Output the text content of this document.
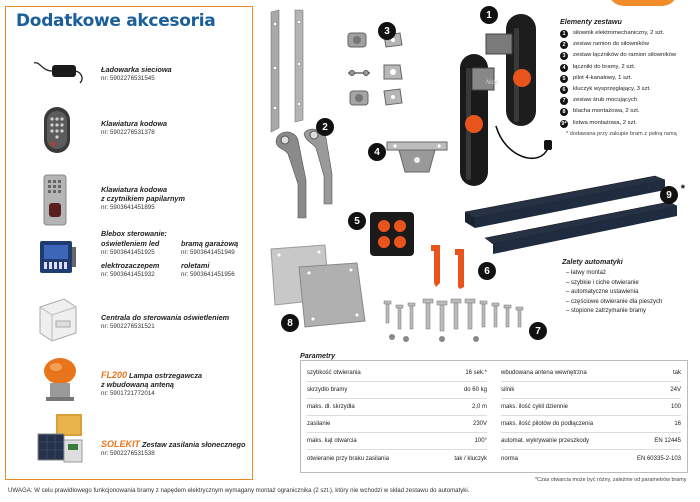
Dodatkowe akcesoria
Ładowarka sieciowa
nr: 5902276531545
Klawiatura kodowa
nr: 5902276531378
Klawiatura kodowa
z czytnikiem papilarnym
nr: 5903641451895
Blebox sterowanie:
oświetleniem led
nr: 5903641451925
bramą garażową
nr: 5903641451949
elektrozaczepem
nr: 5903641451932
roletami
nr: 5903641451956
Centrala do sterowania oświetleniem
nr: 5902276531521
FL200 Lampa ostrzegawcza
z wbudowaną anteną
nr: 5901721772014
SOLEKIT Zestaw zasilania słonecznego
nr: 5902276531538
Nice
1
2
3
4
5
6
7
8
9 *
Elementy zestawu
1	siłownik elektromechaniczny, 2 szt.
2	zestaw ramion do siłowników
3	zestaw łączników do ramion siłowników
4	łączniki do bramy, 2 szt.
5	pilot 4-kanałowy, 1 szt.
6	kluczyk wysprzęglający, 3 szt.
7	zestaw śrub mocujących
8	blacha montażowa, 2 szt.
9* listwa montażowa, 2 szt.
* dodawana przy zakupie bram z pełną ramą
Zalety automatyki
– łatwy montaż
– szybkie i ciche otwieranie
– automatyczne ustawienia
– częściowe otwieranie dla pieszych
– stopione zatrzymanie bramy
Parametry
szybkość otwierania	16 sek.*
skrzydło bramy	do 60 kg
maks. dł. skrzydła	2,0 m
zasilanie	230V
maks. kąt otwarcia	100°
otwieranie przy braku zasilania	tak / kluczyk
wbudowana antena wewnętrzna	tak
silnik	24V
maks. ilość cykli dziennie	100
maks. ilość pilotów do podłączenia	16
automat. wykrywanie przeszkody	EN 12445
norma	EN 60335-2-103
*Czas otwarcia może być różny, zależnie od parametrów bramy
UWAGA: W celu prawidłowego funkcjonowania bramy z napędem elektrycznym wymagany montaż ogranicznika (2 szt.), który nie wchodzi w skład zestawu do automatyki.
